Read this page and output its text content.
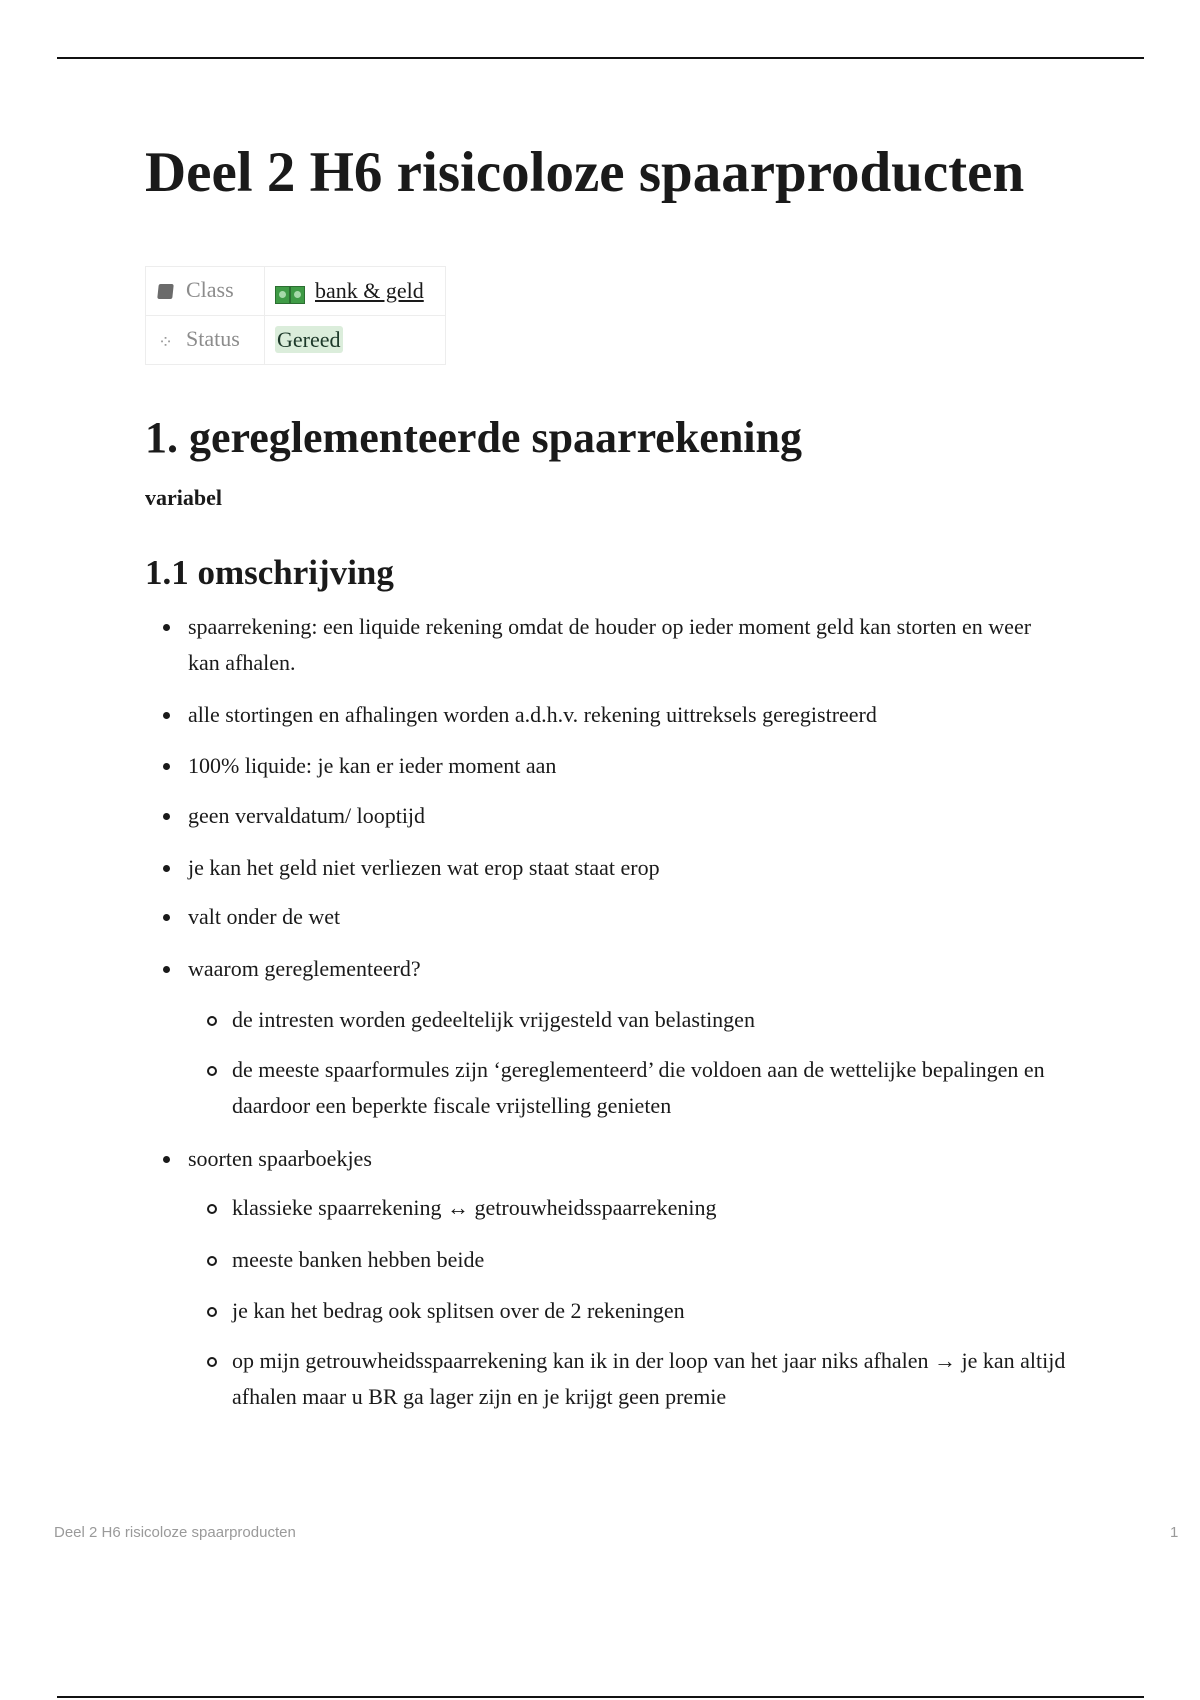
Deel 2 H6 risicoloze spaarproducten
Class	bank & geld
⁘ Status	Gereed
1. gereglementeerde spaarrekening
variabel
1.1 omschrijving
spaarrekening: een liquide rekening omdat de houder op ieder moment geld kan storten en weer kan afhalen.
alle stortingen en afhalingen worden a.d.h.v. rekening uittreksels geregistreerd
100% liquide: je kan er ieder moment aan
geen vervaldatum/ looptijd
je kan het geld niet verliezen wat erop staat staat erop
valt onder de wet
waarom gereglementeerd?
de intresten worden gedeeltelijk vrijgesteld van belastingen
de meeste spaarformules zijn ‘gereglementeerd’ die voldoen aan de wettelijke bepalingen en daardoor een beperkte fiscale vrijstelling genieten
soorten spaarboekjes
klassieke spaarrekening ↔ getrouwheidsspaarrekening
meeste banken hebben beide
je kan het bedrag ook splitsen over de 2 rekeningen
op mijn getrouwheidsspaarrekening kan ik in der loop van het jaar niks afhalen → je kan altijd afhalen maar u BR ga lager zijn en je krijgt geen premie
Deel 2 H6 risicoloze spaarproducten	1
